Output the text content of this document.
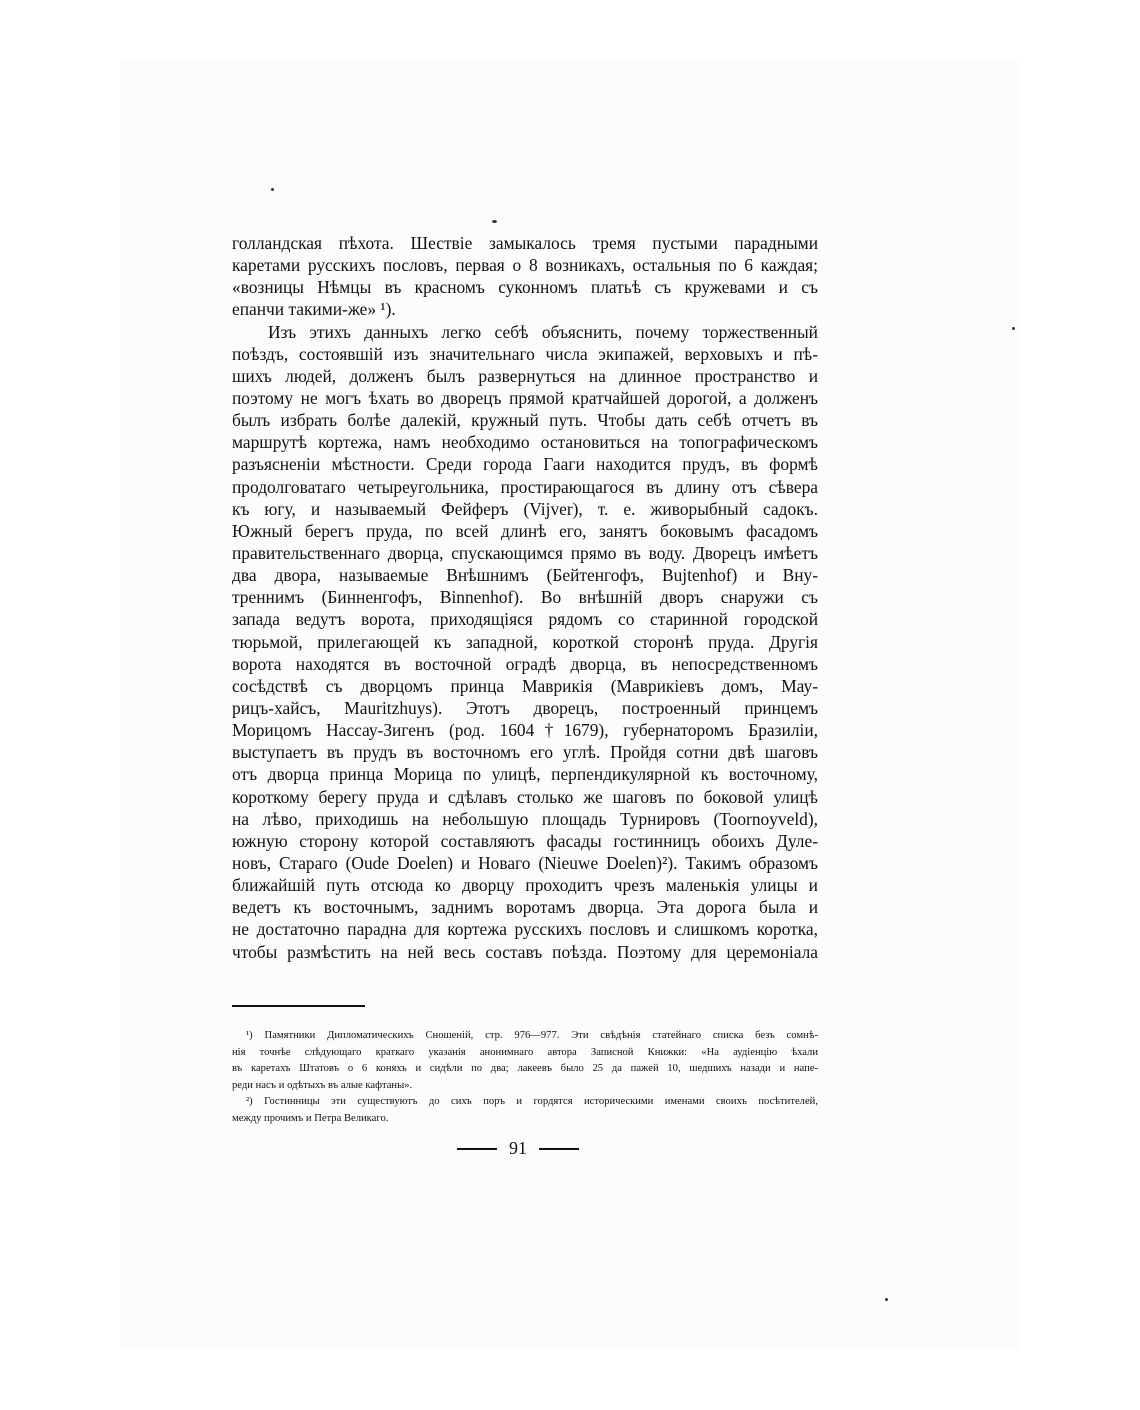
голландская пѣхота. Шествіе замыкалось тремя пустыми парадными
каретами русскихъ пословъ, первая о 8 возникахъ, остальныя по 6 каждая;
«возницы Нѣмцы въ красномъ суконномъ платьѣ съ кружевами и съ
епанчи такими-же» ¹).
Изъ этихъ данныхъ легко себѣ объяснить, почему торжественный
поѣздъ, состоявшій изъ значительнаго числа экипажей, верховыхъ и пѣ-
шихъ людей, долженъ былъ развернуться на длинное пространство и
поэтому не могъ ѣхать во дворецъ прямой кратчайшей дорогой, а долженъ
былъ избрать болѣе далекій, кружный путь. Чтобы дать себѣ отчетъ въ
маршрутѣ кортежа, намъ необходимо остановиться на топографическомъ
разъясненіи мѣстности. Среди города Гааги находится прудъ, въ формѣ
продолговатаго четыреугольника, простирающагося въ длину отъ сѣвера
къ югу, и называемый Фейферъ (Vijver), т. е. живорыбный садокъ.
Южный берегъ пруда, по всей длинѣ его, занятъ боковымъ фасадомъ
правительственнаго дворца, спускающимся прямо въ воду. Дворецъ имѣетъ
два двора, называемые Внѣшнимъ (Бейтенгофъ, Bujtenhof) и Вну-
треннимъ (Бинненгофъ, Binnenhof). Во внѣшній дворъ снаружи съ
запада ведутъ ворота, приходящіяся рядомъ со старинной городской
тюрьмой, прилегающей къ западной, короткой сторонѣ пруда. Другія
ворота находятся въ восточной оградѣ дворца, въ непосредственномъ
сосѣдствѣ съ дворцомъ принца Маврикія (Маврикіевъ домъ, Мау-
рицъ-хайсъ, Mauritzhuys). Этотъ дворецъ, построенный принцемъ
Морицомъ Нассау-Зигенъ (род. 1604†1679), губернаторомъ Бразиліи,
выступаетъ въ прудъ въ восточномъ его углѣ. Пройдя сотни двѣ шаговъ
отъ дворца принца Морица по улицѣ, перпендикулярной къ восточному,
короткому берегу пруда и сдѣлавъ столько же шаговъ по боковой улицѣ
на лѣво, приходишь на небольшую площадь Турнировъ (Toornoyveld),
южную сторону которой составляютъ фасады гостинницъ обоихъ Дуле-
новъ, Стараго (Oude Doelen) и Новаго (Nieuwe Doelen)²). Такимъ образомъ
ближайшій путь отсюда ко дворцу проходитъ чрезъ маленькія улицы и
ведетъ къ восточнымъ, заднимъ воротамъ дворца. Эта дорога была и
не достаточно парадна для кортежа русскихъ пословъ и слишкомъ коротка,
чтобы размѣстить на ней весь составъ поѣзда. Поэтому для церемоніала
¹) Памятники Дипломатическихъ Сношеній, стр. 976—977. Эти свѣдѣнія статейнаго списка безъ сомнѣ-
нія точнѣе слѣдующаго краткаго указанія анонимнаго автора Записной Книжки: «На аудіенцію ѣхали
въ каретахъ Штатовъ о 6 коняхъ и сидѣли по два; лакеевъ было 25 да пажей 10, шедшихъ назади и напе-
реди насъ и одѣтыхъ въ алые кафтаны».
²) Гостинницы эти существуютъ до сихъ поръ и гордятся историческими именами своихъ посѣтителей,
между прочимъ и Петра Великаго.
91
